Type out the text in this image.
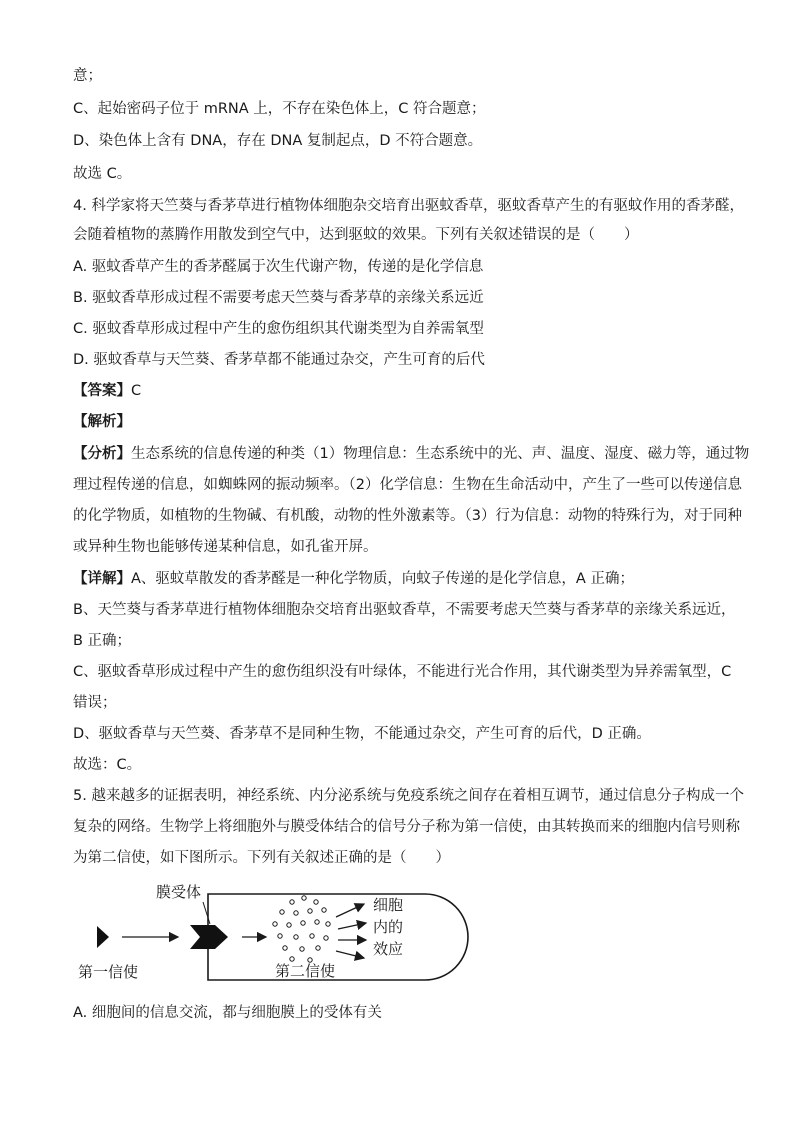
意；
C、起始密码子位于 mRNA 上，不存在染色体上，C 符合题意；
D、染色体上含有 DNA，存在 DNA 复制起点，D 不符合题意。
故选 C。
4. 科学家将天竺葵与香茅草进行植物体细胞杂交培育出驱蚊香草，驱蚊香草产生的有驱蚊作用的香茅醛，
会随着植物的蒸腾作用散发到空气中，达到驱蚊的效果。下列有关叙述错误的是（　　）
A. 驱蚊香草产生的香茅醛属于次生代谢产物，传递的是化学信息
B. 驱蚊香草形成过程不需要考虑天竺葵与香茅草的亲缘关系远近
C. 驱蚊香草形成过程中产生的愈伤组织其代谢类型为自养需氧型
D. 驱蚊香草与天竺葵、香茅草都不能通过杂交，产生可育的后代
【答案】C
【解析】
【分析】生态系统的信息传递的种类（1）物理信息：生态系统中的光、声、温度、湿度、磁力等，通过物
理过程传递的信息，如蜘蛛网的振动频率。（2）化学信息：生物在生命活动中，产生了一些可以传递信息
的化学物质，如植物的生物碱、有机酸，动物的性外激素等。（3）行为信息：动物的特殊行为，对于同种
或异种生物也能够传递某种信息，如孔雀开屏。
【详解】A、驱蚊草散发的香茅醛是一种化学物质，向蚊子传递的是化学信息，A 正确；
B、天竺葵与香茅草进行植物体细胞杂交培育出驱蚊香草，不需要考虑天竺葵与香茅草的亲缘关系远近，
B 正确；
C、驱蚊香草形成过程中产生的愈伤组织没有叶绿体，不能进行光合作用，其代谢类型为异养需氧型，C
错误；
D、驱蚊香草与天竺葵、香茅草不是同种生物，不能通过杂交，产生可育的后代，D 正确。
故选：C。
5. 越来越多的证据表明，神经系统、内分泌系统与免疫系统之间存在着相互调节，通过信息分子构成一个
复杂的网络。生物学上将细胞外与膜受体结合的信号分子称为第一信使，由其转换而来的细胞内信号则称
为第二信使，如下图所示。下列有关叙述正确的是（　　）
第一信使
膜受体
第二信使
细胞
内的
效应
A. 细胞间的信息交流，都与细胞膜上的受体有关
